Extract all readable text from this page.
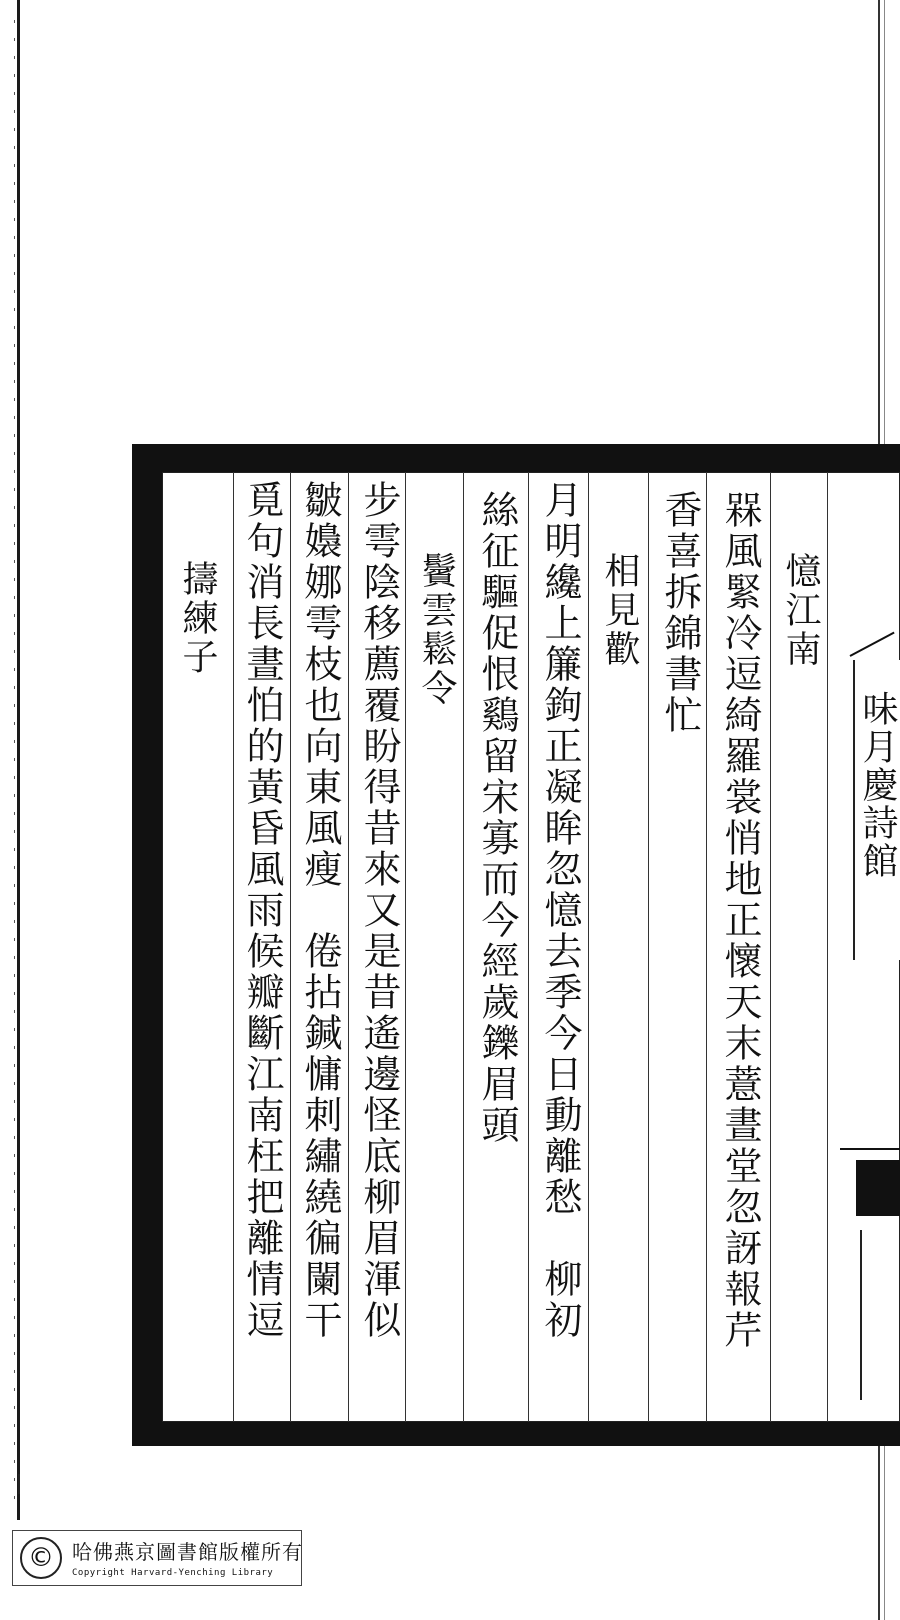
憶江南
槑風緊冷逗綺羅裳悄地正懷天末薏晝堂忽訝報芹
香喜拆錦書忙
相見歡
月明纔上簾鉤正凝眸忽憶去季今日動離愁　柳初
絲征驅促恨鷄留宋寡而今經歲鑠眉頭
鬢雲鬆令
步雩陰移薦覆盼得昔來又是昔遙邊怪底柳眉渾似
皺嬝娜雩枝也向東風瘦　倦拈鍼慵刺繡繞徧闌干
覓句消長晝怕的黃昏風雨候瓣斷江南枉把離情逗
擣練子
味月慶詩館
© 哈佛燕京圖書館版權所有
Copyright Harvard-Yenching Library
